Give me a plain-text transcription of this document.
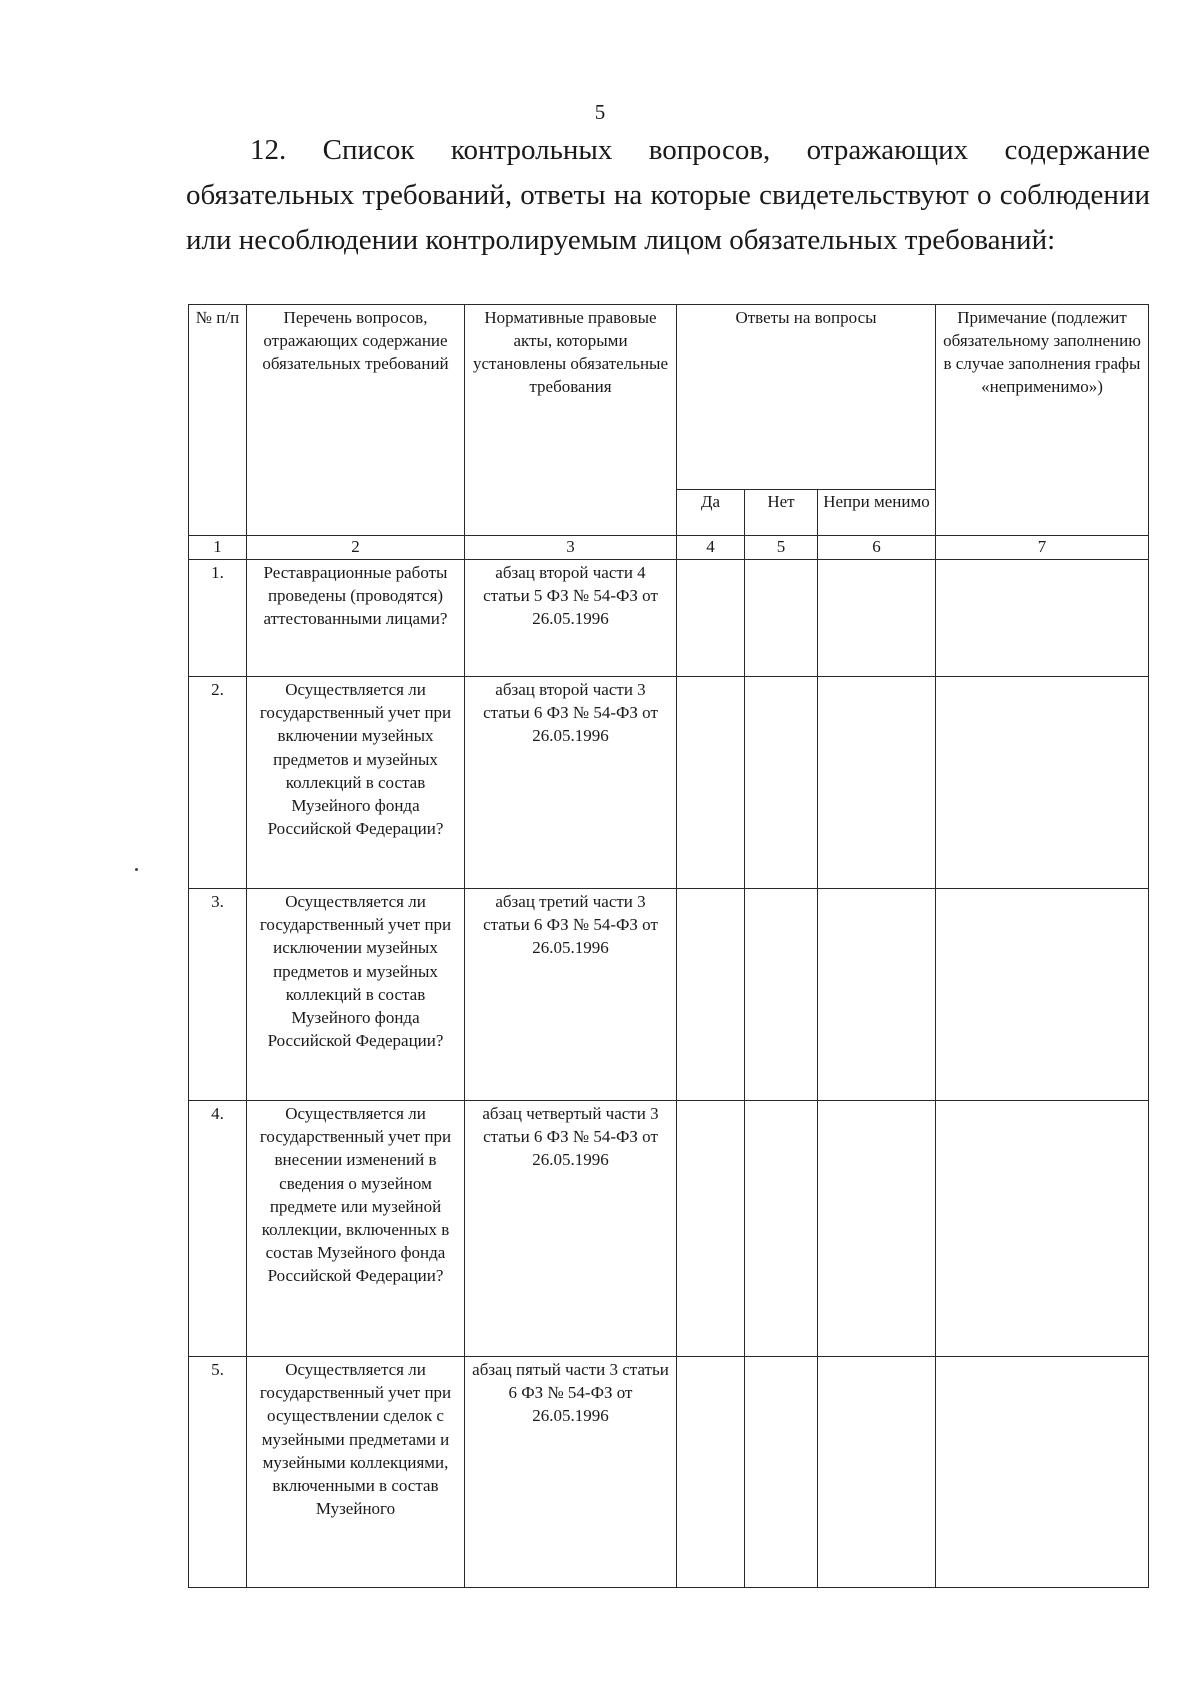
5

12. Список контрольных вопросов, отражающих содержание обязательных требований, ответы на которые свидетельствуют о соблюдении или несоблюдении контролируемым лицом обязательных требований:

№ п/п	Перечень вопросов, отражающих содержание обязательных требований	Нормативные правовые акты, которыми установлены обязательные требования	Ответы на вопросы			Примечание (подлежит обязательному заполнению в случае заполнения графы «неприменимо»)
			Да	Нет	Непри менимо	
1	2	3	4	5	6	7
1.	Реставрационные работы проведены (проводятся) аттестованными лицами?	абзац второй части 4 статьи 5 ФЗ № 54-ФЗ от 26.05.1996				
2.	Осуществляется ли государственный учет при включении музейных предметов и музейных коллекций в состав Музейного фонда Российской Федерации?	абзац второй части 3 статьи 6 ФЗ № 54-ФЗ от 26.05.1996				
3.	Осуществляется ли государственный учет при исключении музейных предметов и музейных коллекций в состав Музейного фонда Российской Федерации?	абзац третий части 3 статьи 6 ФЗ № 54-ФЗ от 26.05.1996				
4.	Осуществляется ли государственный учет при внесении изменений в сведения о музейном предмете или музейной коллекции, включенных в состав Музейного фонда Российской Федерации?	абзац четвертый части 3 статьи 6 ФЗ № 54-ФЗ от 26.05.1996				
5.	Осуществляется ли государственный учет при осуществлении сделок с музейными предметами и музейными коллекциями, включенными в состав Музейного	абзац пятый части 3 статьи 6 ФЗ № 54-ФЗ от 26.05.1996				
